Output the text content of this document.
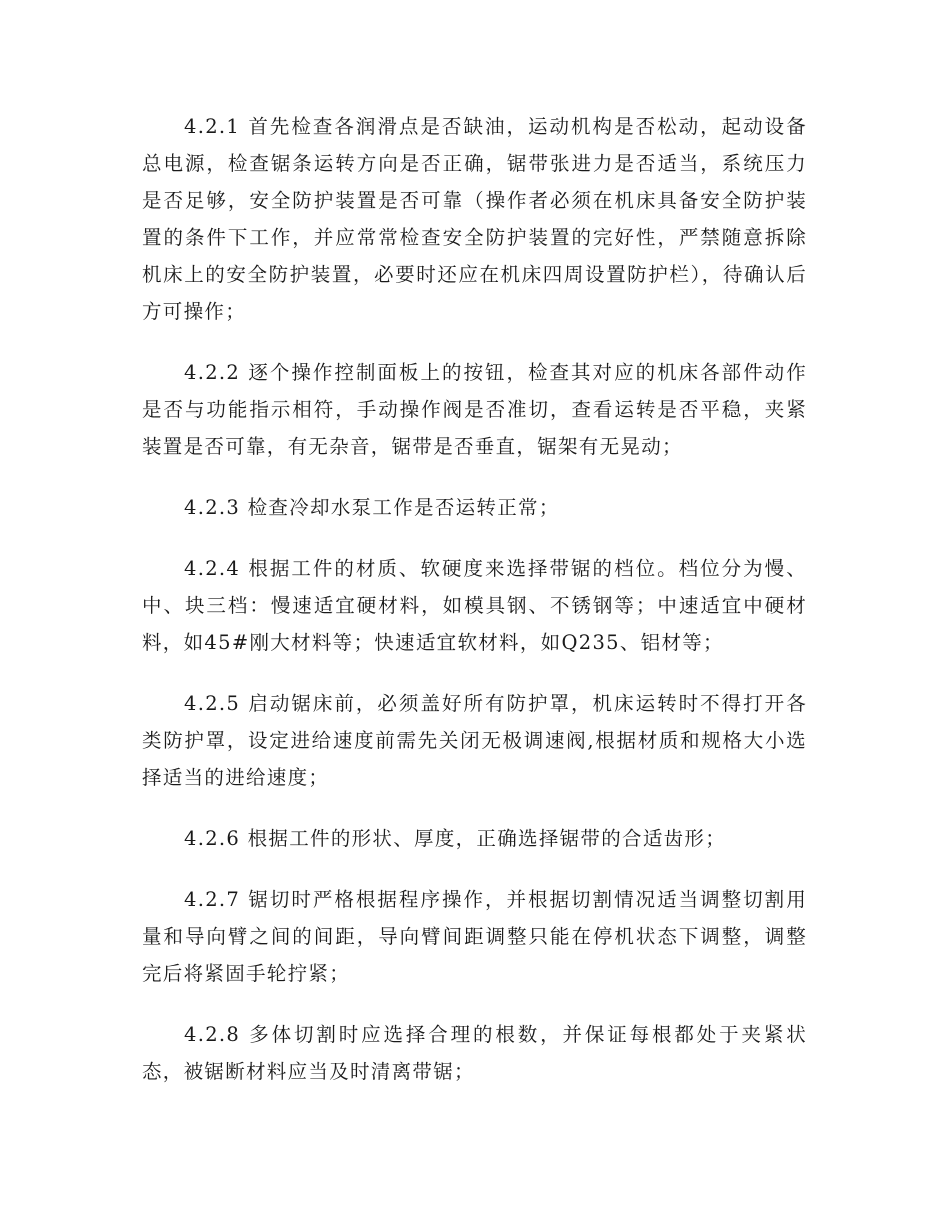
4.2.1 首先检查各润滑点是否缺油，运动机构是否松动，起动设备总电源，检查锯条运转方向是否正确，锯带张进力是否适当，系统压力是否足够，安全防护装置是否可靠（操作者必须在机床具备安全防护装置的条件下工作，并应常常检查安全防护装置的完好性，严禁随意拆除机床上的安全防护装置，必要时还应在机床四周设置防护栏），待确认后方可操作；

4.2.2 逐个操作控制面板上的按钮，检查其对应的机床各部件动作是否与功能指示相符，手动操作阀是否准切，查看运转是否平稳，夹紧装置是否可靠，有无杂音，锯带是否垂直，锯架有无晃动；

4.2.3 检查冷却水泵工作是否运转正常；

4.2.4 根据工件的材质、软硬度来选择带锯的档位。档位分为慢、中、块三档：慢速适宜硬材料，如模具钢、不锈钢等；中速适宜中硬材料，如45#刚大材料等；快速适宜软材料，如Q235、铝材等；

4.2.5 启动锯床前，必须盖好所有防护罩，机床运转时不得打开各类防护罩，设定进给速度前需先关闭无极调速阀,根据材质和规格大小选择适当的进给速度；

4.2.6 根据工件的形状、厚度，正确选择锯带的合适齿形；

4.2.7 锯切时严格根据程序操作，并根据切割情况适当调整切割用量和导向臂之间的间距，导向臂间距调整只能在停机状态下调整，调整完后将紧固手轮拧紧；

4.2.8 多体切割时应选择合理的根数，并保证每根都处于夹紧状态，被锯断材料应当及时清离带锯；
